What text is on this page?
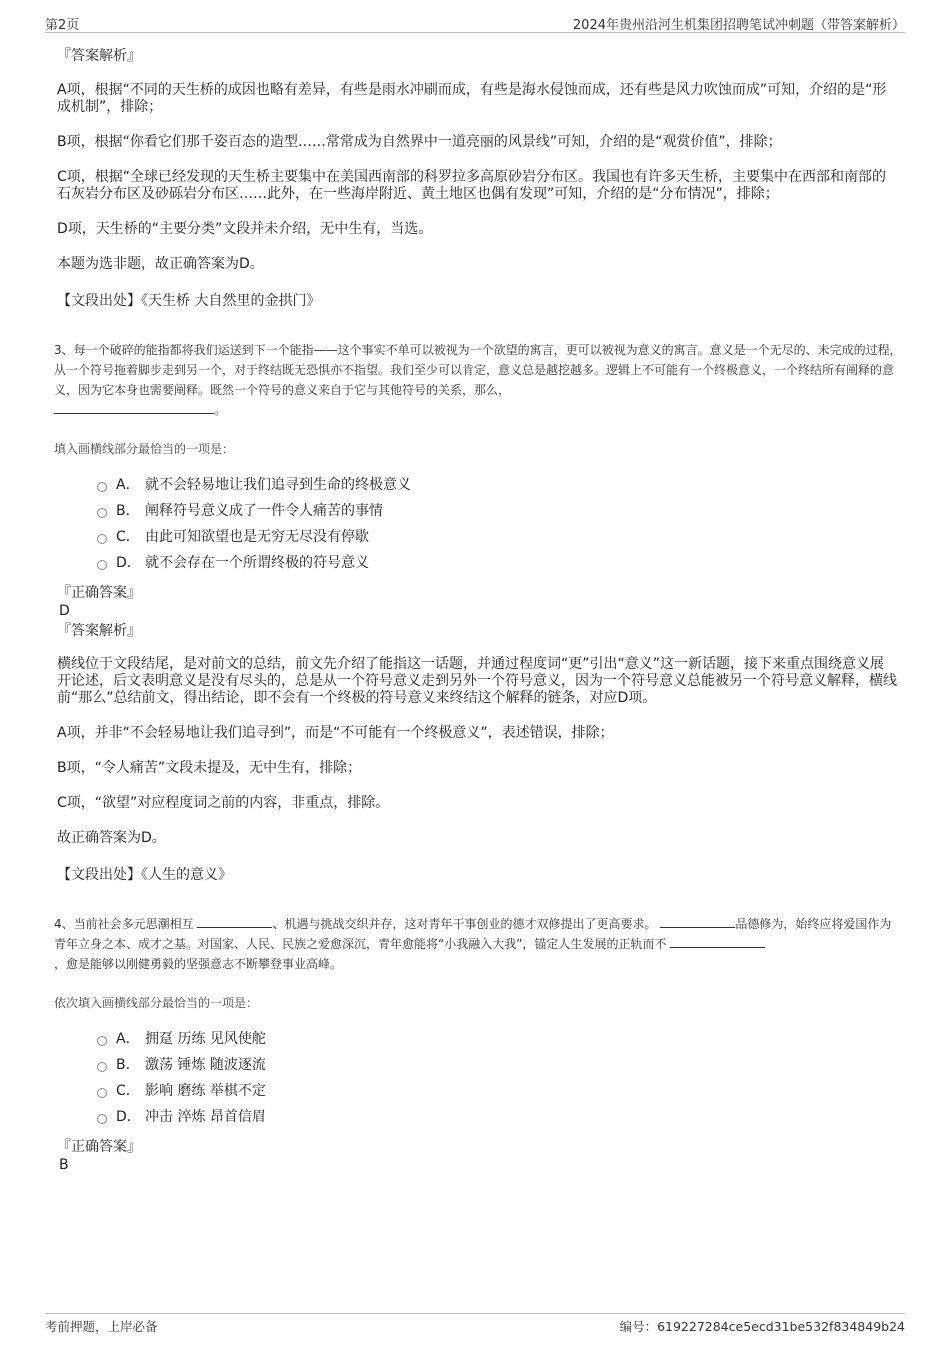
第2页	2024年贵州沿河生机集团招聘笔试冲刺题（带答案解析）
『答案解析』
A项，根据“不同的天生桥的成因也略有差异，有些是雨水冲刷而成，有些是海水侵蚀而成，还有些是风力吹蚀而成”可知，介绍的是“形成机制”，排除；
B项，根据“你看它们那千姿百态的造型……常常成为自然界中一道亮丽的风景线”可知，介绍的是“观赏价值”，排除；
C项，根据“全球已经发现的天生桥主要集中在美国西南部的科罗拉多高原砂岩分布区。我国也有许多天生桥，主要集中在西部和南部的石灰岩分布区及砂砾岩分布区……此外，在一些海岸附近、黄土地区也偶有发现”可知，介绍的是“分布情况”，排除；
D项，天生桥的“主要分类”文段并未介绍，无中生有，当选。
本题为选非题，故正确答案为D。
【文段出处】《天生桥 大自然里的金拱门》
3、每一个破碎的能指都将我们运送到下一个能指——这个事实不单可以被视为一个欲望的寓言，更可以被视为意义的寓言。意义是一个无尽的、未完成的过程，从一个符号拖着脚步走到另一个，对于终结既无恐惧亦不指望。我们至少可以肯定，意义总是越挖越多。逻辑上不可能有一个终极意义，一个终结所有阐释的意义，因为它本身也需要阐释。既然一个符号的意义来自于它与其他符号的关系，那么，
。
填入画横线部分最恰当的一项是：
A． 就不会轻易地让我们追寻到生命的终极意义
B． 阐释符号意义成了一件令人痛苦的事情
C． 由此可知欲望也是无穷无尽没有停歇
D． 就不会存在一个所谓终极的符号意义
『正确答案』
D
『答案解析』
横线位于文段结尾，是对前文的总结，前文先介绍了能指这一话题，并通过程度词“更”引出“意义”这一新话题，接下来重点围绕意义展开论述，后文表明意义是没有尽头的，总是从一个符号意义走到另外一个符号意义，因为一个符号意义总能被另一个符号意义解释，横线前“那么”总结前文，得出结论，即不会有一个终极的符号意义来终结这个解释的链条，对应D项。
A项，并非“不会轻易地让我们追寻到”，而是“不可能有一个终极意义”，表述错误，排除；
B项，“令人痛苦”文段未提及，无中生有，排除；
C项，“欲望”对应程度词之前的内容，非重点，排除。
故正确答案为D。
【文段出处】《人生的意义》
4、当前社会多元思潮相互	、机遇与挑战交织并存，这对青年干事创业的德才双修提出了更高要求。	品德修为，始终应将爱国作为青年立身之本、成才之基。对国家、人民、民族之爱愈深沉，青年愈能将“小我融入大我”，锚定人生发展的正轨而不
，愈是能够以刚健勇毅的坚强意志不断攀登事业高峰。
依次填入画横线部分最恰当的一项是：
A． 拥趸 历练 见风使舵
B． 激荡 锤炼 随波逐流
C． 影响 磨练 举棋不定
D． 冲击 淬炼 昂首信眉
『正确答案』
B
考前押题，上岸必备	编号：619227284ce5ecd31be532f834849b24
